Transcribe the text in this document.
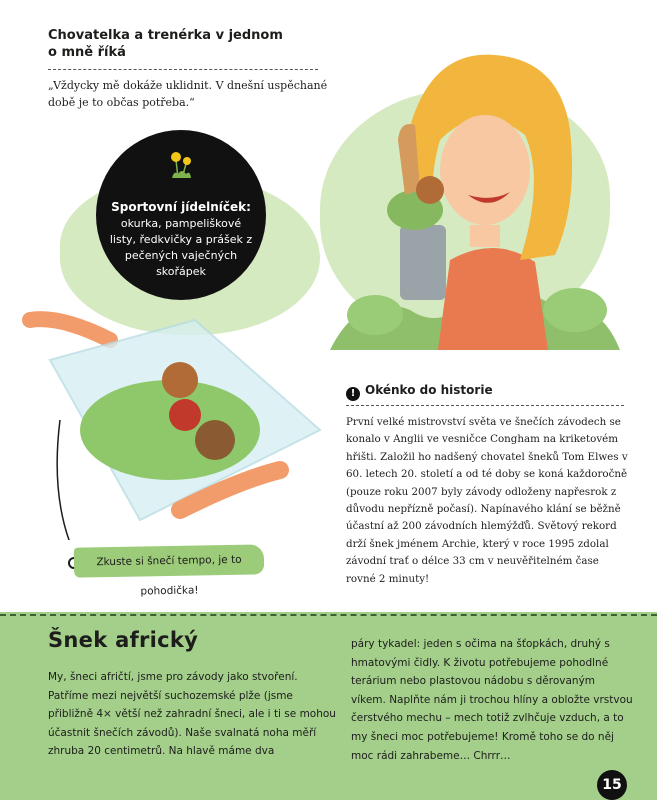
Chovatelka a trenérka v jednom o mně říká
„Vždycky mě dokáže uklidnit. V dnešní uspěchané době je to občas potřeba.“
Sportovní jídelníček:
okurka, pampeliškové listy, ředkvičky a prášek z pečených vaječných skořápek
Zkuste si šnečí tempo, je to pohodička!
! Okénko do historie
První velké mistrovství světa ve šnečích závodech se konalo v Anglii ve vesničce Congham na kriketovém hřišti. Založil ho nadšený chovatel šneků Tom Elwes v 60. letech 20. století a od té doby se koná každoročně (pouze roku 2007 byly závody odloženy napřesrok z důvodu nepřízně počasí). Napínavého klání se běžně účastní až 200 závodních hlemýžďů. Světový rekord drží šnek jménem Archie, který v roce 1995 zdolal závodní trať o délce 33 cm v neuvěřitelném čase rovné 2 minuty!
Šnek africký
My, šneci afričtí, jsme pro závody jako stvoření. Patříme mezi největší suchozemské plže (jsme přibližně 4× větší než zahradní šneci, ale i ti se mohou účastnit šnečích závodů). Naše svalnatá noha měří zhruba 20 centimetrů. Na hlavě máme dva
páry tykadel: jeden s očima na šťopkách, druhý s hmatovými čidly. K životu potřebujeme pohodlné terárium nebo plastovou nádobu s děrovaným víkem. Naplňte nám ji trochou hlíny a obložte vrstvou čerstvého mechu – mech totiž zvlhčuje vzduch, a to my šneci moc potřebujeme! Kromě toho se do něj moc rádi zahrabeme… Chrrr…
15
